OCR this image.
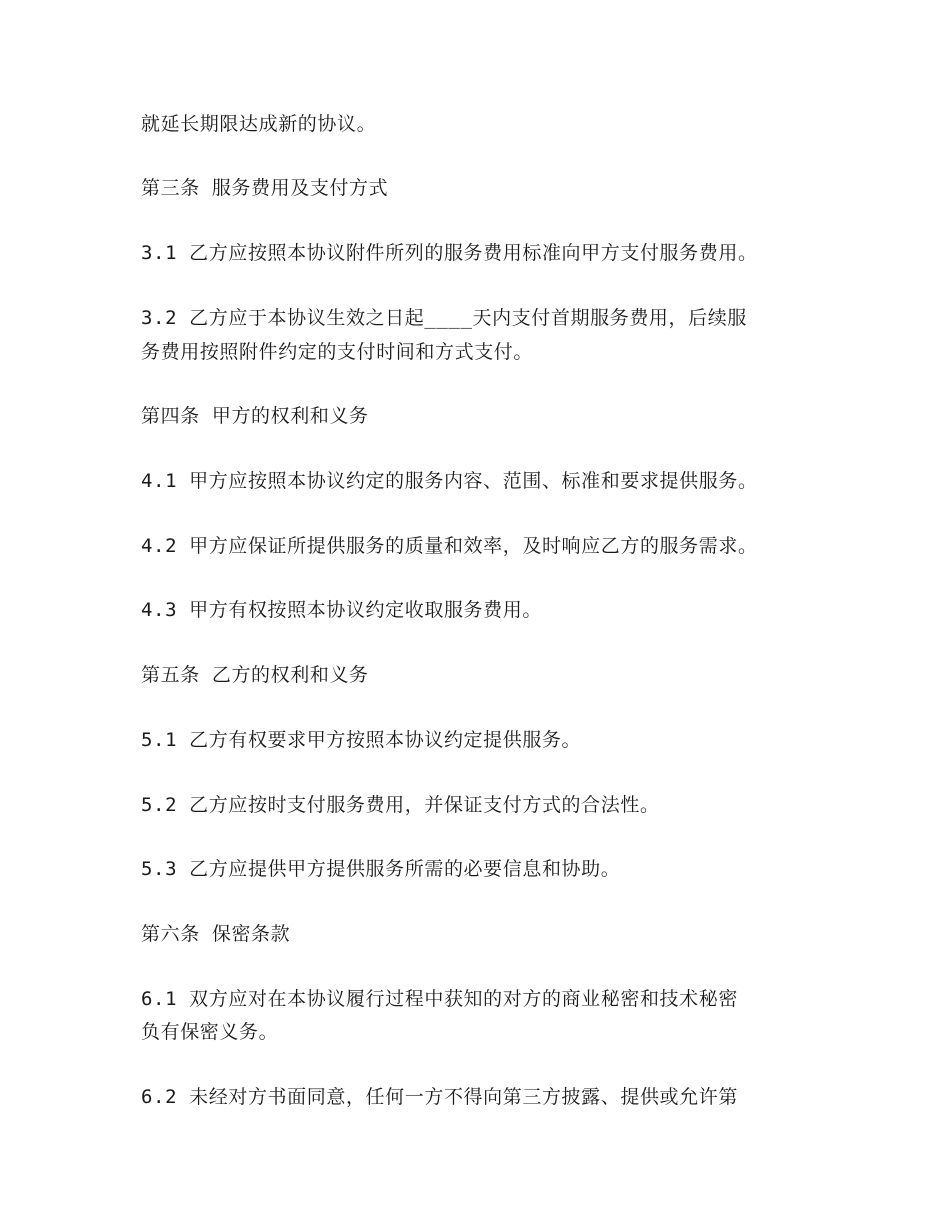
就延长期限达成新的协议。
第三条 服务费用及支付方式
3.1 乙方应按照本协议附件所列的服务费用标准向甲方支付服务费用。
3.2 乙方应于本协议生效之日起____天内支付首期服务费用，后续服
务费用按照附件约定的支付时间和方式支付。
第四条 甲方的权利和义务
4.1 甲方应按照本协议约定的服务内容、范围、标准和要求提供服务。
4.2 甲方应保证所提供服务的质量和效率，及时响应乙方的服务需求。
4.3 甲方有权按照本协议约定收取服务费用。
第五条 乙方的权利和义务
5.1 乙方有权要求甲方按照本协议约定提供服务。
5.2 乙方应按时支付服务费用，并保证支付方式的合法性。
5.3 乙方应提供甲方提供服务所需的必要信息和协助。
第六条 保密条款
6.1 双方应对在本协议履行过程中获知的对方的商业秘密和技术秘密
负有保密义务。
6.2 未经对方书面同意，任何一方不得向第三方披露、提供或允许第
